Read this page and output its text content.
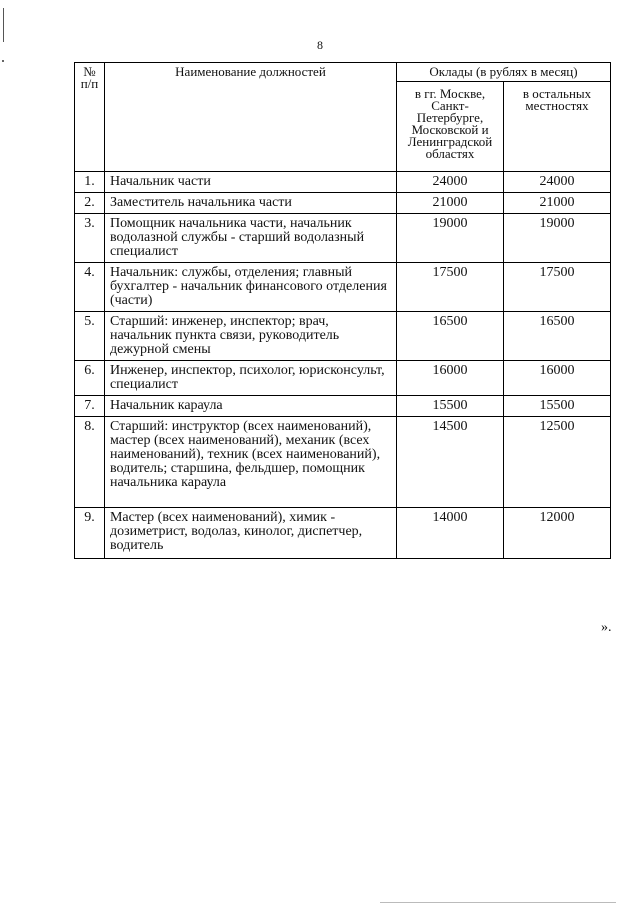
8
№ п/п	Наименование должностей	Оклады (в рублях в месяц)	
		в гг. Москве, Санкт-Петербурге, Московской и Ленинградской областях	в остальных местностях
1.	Начальник части	24000	24000
2.	Заместитель начальника части	21000	21000
3.	Помощник начальника части, начальник водолазной службы - старший водолазный специалист	19000	19000
4.	Начальник: службы, отделения; главный бухгалтер - начальник финансового отделения (части)	17500	17500
5.	Старший: инженер, инспектор; врач, начальник пункта связи, руководитель дежурной смены	16500	16500
6.	Инженер, инспектор, психолог, юрисконсульт, специалист	16000	16000
7.	Начальник караула	15500	15500
8.	Старший: инструктор (всех наименований), мастер (всех наименований), механик (всех наименований), техник (всех наименований), водитель; старшина, фельдшер, помощник начальника караула	14500	12500
9.	Мастер (всех наименований), химик - дозиметрист, водолаз, кинолог, диспетчер, водитель	14000	12000
».
